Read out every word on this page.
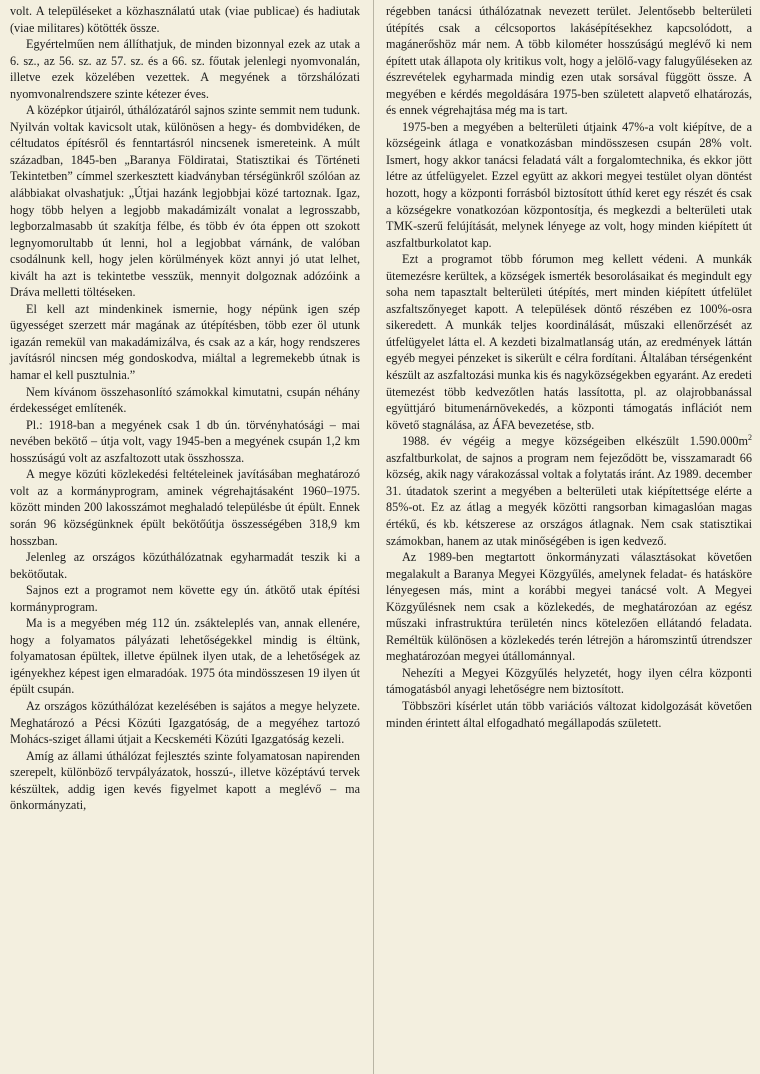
volt. A településeket a közhasználatú utak (viae publicae) és hadiutak (viae militares) kötötték össze.

Egyértelműen nem állíthatjuk, de minden bizonnyal ezek az utak a 6. sz., az 56. sz. az 57. sz. és a 66. sz. főutak jelenlegi nyomvonalán, illetve ezek közelében vezettek. A megyének a törzshálózati nyomvonalrendszere szinte kétezer éves.

A középkor útjairól, úthálózatáról sajnos szinte semmit nem tudunk. Nyilván voltak kavicsolt utak, különösen a hegy- és dombvidéken, de céltudatos építésről és fenntartásról nincsenek ismereteink. A múlt században, 1845-ben „Baranya Földiratai, Statisztikai és Történeti Tekintetben” címmel szerkesztett kiadványban térségünkről szólóan az alábbiakat olvashatjuk: „Útjai hazánk legjobbjai közé tartoznak. Igaz, hogy több helyen a legjobb makadámizált vonalat a legrosszabb, legborzalmasabb út szakítja félbe, és több év óta éppen ott szokott legnyomorultabb út lenni, hol a legjobbat várnánk, de valóban csodálnunk kell, hogy jelen körülmények közt annyi jó utat lelhet, kivált ha azt is tekintetbe vesszük, mennyit dolgoznak adózóink a Dráva melletti töltéseken.

El kell azt mindenkinek ismernie, hogy népünk igen szép ügyességet szerzett már magának az útépítésben, több ezer öl utunk igazán remekül van makadámizálva, és csak az a kár, hogy rendszeres javításról nincsen még gondoskodva, miáltal a legremekebb útnak is hamar el kell pusztulnia.”

Nem kívánom összehasonlító számokkal kimutatni, csupán néhány érdekességet említenék.

Pl.: 1918-ban a megyének csak 1 db ún. törvényhatósági – mai nevében bekötő – útja volt, vagy 1945-ben a megyének csupán 1,2 km hosszúságú volt az aszfaltozott utak összhossza.

A megye közúti közlekedési feltételeinek javításában meghatározó volt az a kormányprogram, aminek végrehajtásaként 1960–1975. között minden 200 lakosszámot meghaladó településbe út épült. Ennek során 96 községünknek épült bekötőútja összességében 318,9 km hosszban.

Jelenleg az országos közúthálózatnak egyharmadát teszik ki a bekötőutak.

Sajnos ezt a programot nem követte egy ún. átkötő utak építési kormányprogram.

Ma is a megyében még 112 ún. zsákteleplés van, annak ellenére, hogy a folyamatos pályázati lehetőségekkel mindig is éltünk, folyamatosan épültek, illetve épülnek ilyen utak, de a lehetőségek az igényekhez képest igen elmaradóak. 1975 óta mindösszesen 19 ilyen út épült csupán.

Az országos közúthálózat kezelésében is sajátos a megye helyzete. Meghatározó a Pécsi Közúti Igazgatóság, de a megyéhez tartozó Mohács-sziget állami útjait a Kecskeméti Közúti Igazgatóság kezeli.

Amíg az állami úthálózat fejlesztés szinte folyamatosan napirenden szerepelt, különböző tervpályázatok, hosszú-, illetve középtávú tervek készültek, addig igen kevés figyelmet kapott a meglévő – ma önkormányzati,

régebben tanácsi úthálózatnak nevezett terület. Jelentősebb belterületi útépítés csak a célcsoportos lakásépítésekhez kapcsolódott, a magánerőshöz már nem. A több kilométer hosszúságú meglévő ki nem épített utak állapota oly kritikus volt, hogy a jelölő-vagy falugyűléseken az észrevételek egyharmada mindig ezen utak sorsával függött össze. A megyében e kérdés megoldására 1975-ben született alapvető elhatározás, és ennek végrehajtása még ma is tart.

1975-ben a megyében a belterületi útjaink 47%-a volt kiépítve, de a községeink átlaga e vonatkozásban mindösszesen csupán 28% volt. Ismert, hogy akkor tanácsi feladatá vált a forgalomtechnika, és ekkor jött létre az útfelügyelet. Ezzel együtt az akkori megyei testület olyan döntést hozott, hogy a központi forrásból biztosított úthíd keret egy részét és csak a községekre vonatkozóan központosítja, és megkezdi a belterületi utak TMK-szerű felújítását, melynek lényege az volt, hogy minden kiépített út aszfaltburkolatot kap.

Ezt a programot több fórumon meg kellett védeni. A munkák ütemezésre kerültek, a községek ismerték besorolásaikat és megindult egy soha nem tapasztalt belterületi útépítés, mert minden kiépített útfelület aszfaltszőnyeget kapott. A települések döntő részében ez 100%-osra sikeredett. A munkák teljes koordinálását, műszaki ellenőrzését az útfelügyelet látta el. A kezdeti bizalmatlanság után, az eredmények láttán egyéb megyei pénzeket is sikerült e célra fordítani. Általában térségenként készült az aszfaltozási munka kis és nagyközségekben egyaránt. Az eredeti ütemezést több kedvezőtlen hatás lassította, pl. az olajrobbanással együttjáró bitumenárnövekedés, a központi támogatás inflációt nem követő stagnálása, az ÁFA bevezetése, stb.

1988. év végéig a megye községeiben elkészült $1.590.000m^2$ aszfaltburkolat, de sajnos a program nem fejeződött be, visszamaradt 66 község, akik nagy várakozással voltak a folytatás iránt. Az 1989. december 31. útadatok szerint a megyében a belterületi utak kiépítettsége elérte a 85%-ot. Ez az átlag a megyék közötti rangsorban kimagaslóan magas értékű, és kb. kétszerese az országos átlagnak. Nem csak statisztikai számokban, hanem az utak minőségében is igen kedvező.

Az 1989-ben megtartott önkormányzati választásokat követően megalakult a Baranya Megyei Közgyűlés, amelynek feladat- és hatásköre lényegesen más, mint a korábbi megyei tanácsé volt. A Megyei Közgyűlésnek nem csak a közlekedés, de meghatározóan az egész műszaki infrastruktúra területén nincs kötelezően ellátandó feladata. Reméltük különösen a közlekedés terén létrejön a háromszintű útrendszer meghatározóan megyei útállománnyal.

Nehezíti a Megyei Közgyűlés helyzetét, hogy ilyen célra központi támogatásból anyagi lehetőségre nem biztosított.

Többszöri kísérlet után több variációs változat kidolgozását követően minden érintett által elfogadható megállapodás született.
